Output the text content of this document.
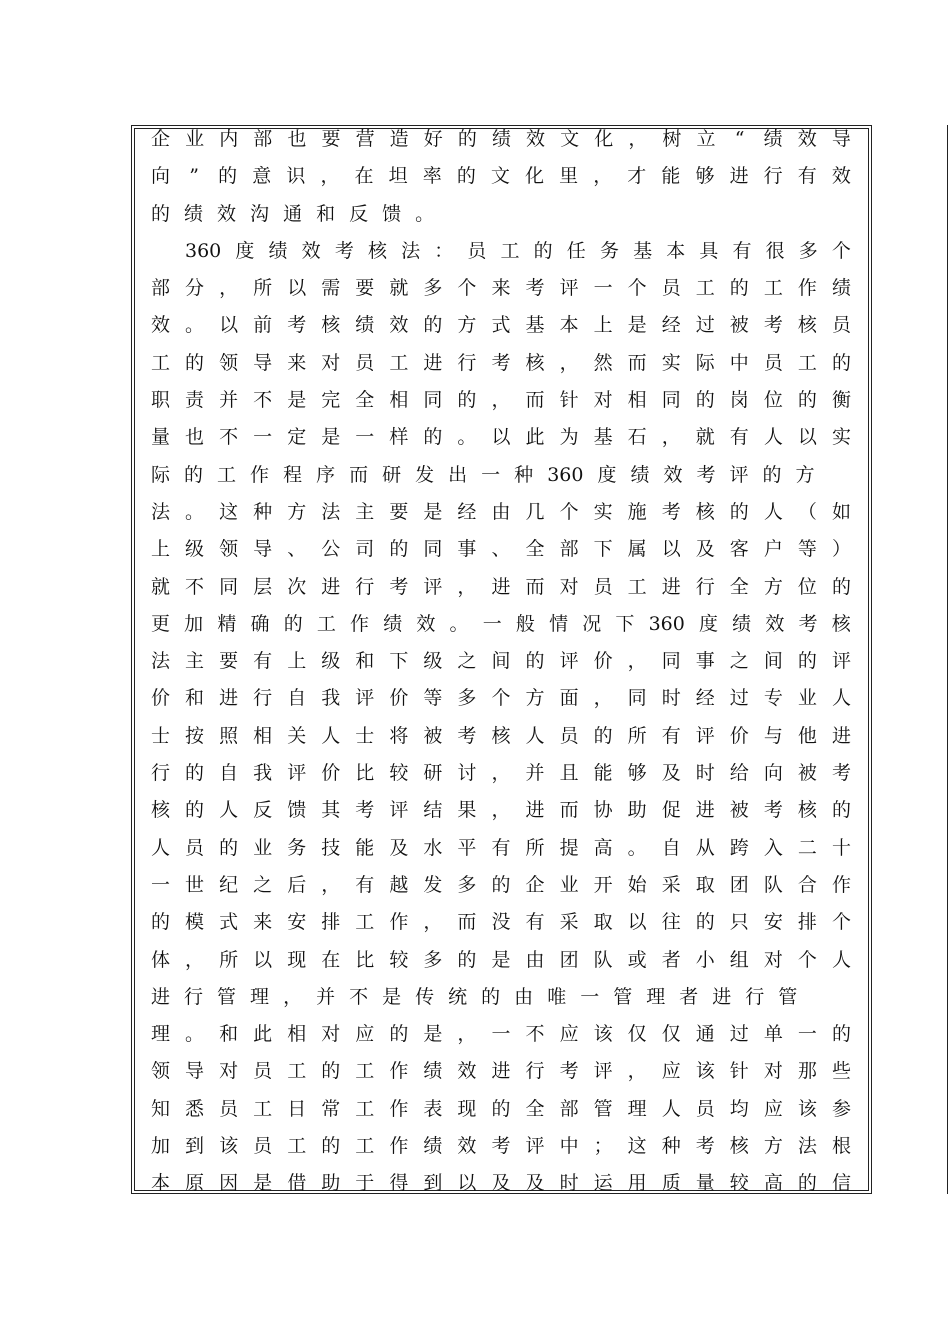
企 业 内 部 也 要 营 造 好 的 绩 效 文 化 ， 树 立 “ 绩 效 导
向 ” 的 意 识 ， 在 坦 率 的 文 化 里 ， 才 能 够 进 行 有 效
的 绩 效 沟 通 和 反 馈 。
360 度 绩 效 考 核 法 ： 员 工 的 任 务 基 本 具 有 很 多 个
部 分 ， 所 以 需 要 就 多 个 来 考 评 一 个 员 工 的 工 作 绩
效 。 以 前 考 核 绩 效 的 方 式 基 本 上 是 经 过 被 考 核 员
工 的 领 导 来 对 员 工 进 行 考 核 ， 然 而 实 际 中 员 工 的
职 责 并 不 是 完 全 相 同 的 ， 而 针 对 相 同 的 岗 位 的 衡
量 也 不 一 定 是 一 样 的 。 以 此 为 基 石 ， 就 有 人 以 实
际 的 工 作 程 序 而 研 发 出 一 种 360 度 绩 效 考 评 的 方
法 。 这 种 方 法 主 要 是 经 由 几 个 实 施 考 核 的 人 （ 如
上 级 领 导 、 公 司 的 同 事 、 全 部 下 属 以 及 客 户 等 ）
就 不 同 层 次 进 行 考 评 ， 进 而 对 员 工 进 行 全 方 位 的
更 加 精 确 的 工 作 绩 效 。 一 般 情 况 下 360 度 绩 效 考 核
法 主 要 有 上 级 和 下 级 之 间 的 评 价 ， 同 事 之 间 的 评
价 和 进 行 自 我 评 价 等 多 个 方 面 ， 同 时 经 过 专 业 人
士 按 照 相 关 人 士 将 被 考 核 人 员 的 所 有 评 价 与 他 进
行 的 自 我 评 价 比 较 研 讨 ， 并 且 能 够 及 时 给 向 被 考
核 的 人 反 馈 其 考 评 结 果 ， 进 而 协 助 促 进 被 考 核 的
人 员 的 业 务 技 能 及 水 平 有 所 提 高 。 自 从 跨 入 二 十
一 世 纪 之 后 ， 有 越 发 多 的 企 业 开 始 采 取 团 队 合 作
的 模 式 来 安 排 工 作 ， 而 没 有 采 取 以 往 的 只 安 排 个
体 ， 所 以 现 在 比 较 多 的 是 由 团 队 或 者 小 组 对 个 人
进 行 管 理 ， 并 不 是 传 统 的 由 唯 一 管 理 者 进 行 管
理 。 和 此 相 对 应 的 是 ， 一 不 应 该 仅 仅 通 过 单 一 的
领 导 对 员 工 的 工 作 绩 效 进 行 考 评 ， 应 该 针 对 那 些
知 悉 员 工 日 常 工 作 表 现 的 全 部 管 理 人 员 均 应 该 参
加 到 该 员 工 的 工 作 绩 效 考 评 中 ； 这 种 考 核 方 法 根
本 原 因 是 借 助 于 得 到 以 及 及 时 运 用 质 量 较 高 的 信
